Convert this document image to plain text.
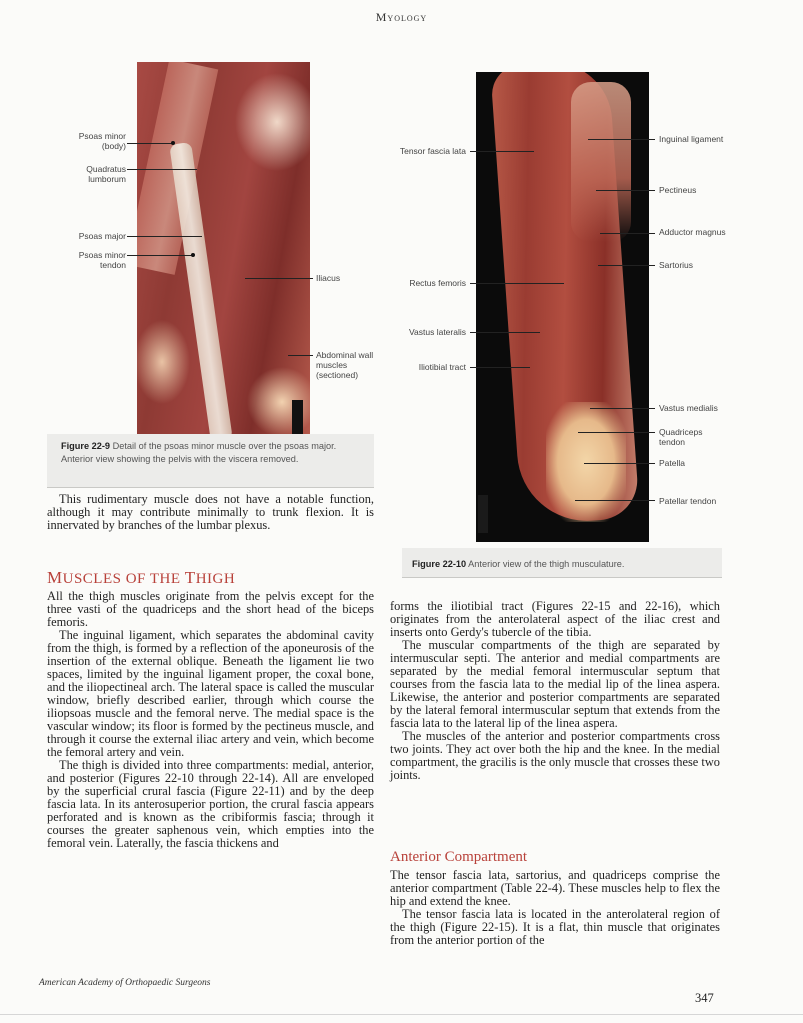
Myology
Psoas minor (body)
Quadratus lumborum
Psoas major
Psoas minor tendon
Iliacus
Abdominal wall muscles (sectioned)
Figure 22-9 Detail of the psoas minor muscle over the psoas major. Anterior view showing the pelvis with the viscera removed.
Tensor fascia lata
Rectus femoris
Vastus lateralis
Iliotibial tract
Inguinal ligament
Pectineus
Adductor magnus
Sartorius
Vastus medialis
Quadriceps tendon
Patella
Patellar tendon
Figure 22-10 Anterior view of the thigh musculature.

This rudimentary muscle does not have a notable function, although it may contribute minimally to trunk flexion. It is innervated by branches of the lumbar plexus.

MUSCLES OF THE THIGH

All the thigh muscles originate from the pelvis except for the three vasti of the quadriceps and the short head of the biceps femoris.

The inguinal ligament, which separates the abdominal cavity from the thigh, is formed by a reflection of the aponeurosis of the insertion of the external oblique. Beneath the ligament lie two spaces, limited by the inguinal ligament proper, the coxal bone, and the iliopectineal arch. The lateral space is called the muscular window, briefly described earlier, through which course the iliopsoas muscle and the femoral nerve. The medial space is the vascular window; its floor is formed by the pectineus muscle, and through it course the external iliac artery and vein, which become the femoral artery and vein.

The thigh is divided into three compartments: medial, anterior, and posterior (Figures 22-10 through 22-14). All are enveloped by the superficial crural fascia (Figure 22-11) and by the deep fascia lata. In its anterosuperior portion, the crural fascia appears perforated and is known as the cribiformis fascia; through it courses the greater saphenous vein, which empties into the femoral vein. Laterally, the fascia thickens and

forms the iliotibial tract (Figures 22-15 and 22-16), which originates from the anterolateral aspect of the iliac crest and inserts onto Gerdy's tubercle of the tibia.

The muscular compartments of the thigh are separated by intermuscular septi. The anterior and medial compartments are separated by the medial femoral intermuscular septum that courses from the fascia lata to the medial lip of the linea aspera. Likewise, the anterior and posterior compartments are separated by the lateral femoral intermuscular septum that extends from the fascia lata to the lateral lip of the linea aspera.

The muscles of the anterior and posterior compartments cross two joints. They act over both the hip and the knee. In the medial compartment, the gracilis is the only muscle that crosses these two joints.

Anterior Compartment

The tensor fascia lata, sartorius, and quadriceps comprise the anterior compartment (Table 22-4). These muscles help to flex the hip and extend the knee.

The tensor fascia lata is located in the anterolateral region of the thigh (Figure 22-15). It is a flat, thin muscle that originates from the anterior portion of the

American Academy of Orthopaedic Surgeons
347
